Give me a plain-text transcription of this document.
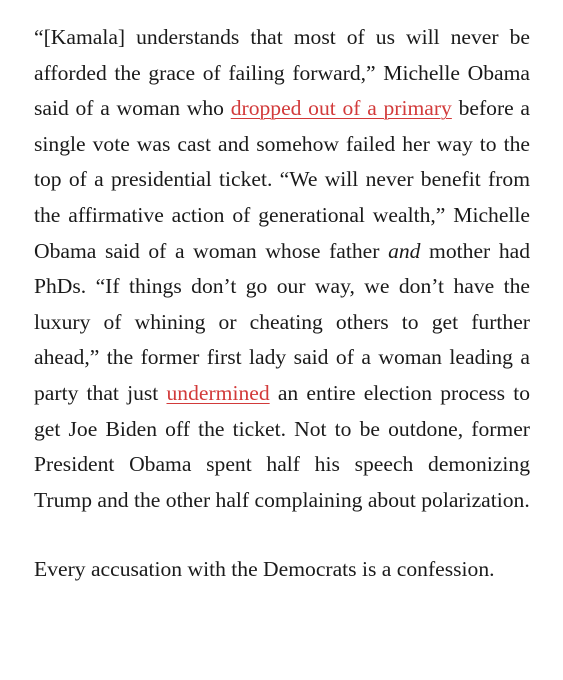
“[Kamala] understands that most of us will never be afforded the grace of failing forward,” Michelle Obama said of a woman who dropped out of a primary before a single vote was cast and somehow failed her way to the top of a presidential ticket. “We will never benefit from the affirmative action of generational wealth,” Michelle Obama said of a woman whose father and mother had PhDs. “If things don’t go our way, we don’t have the luxury of whining or cheating others to get further ahead,” the former first lady said of a woman leading a party that just undermined an entire election process to get Joe Biden off the ticket. Not to be outdone, former President Obama spent half his speech demonizing Trump and the other half complaining about polarization.

Every accusation with the Democrats is a confession.
